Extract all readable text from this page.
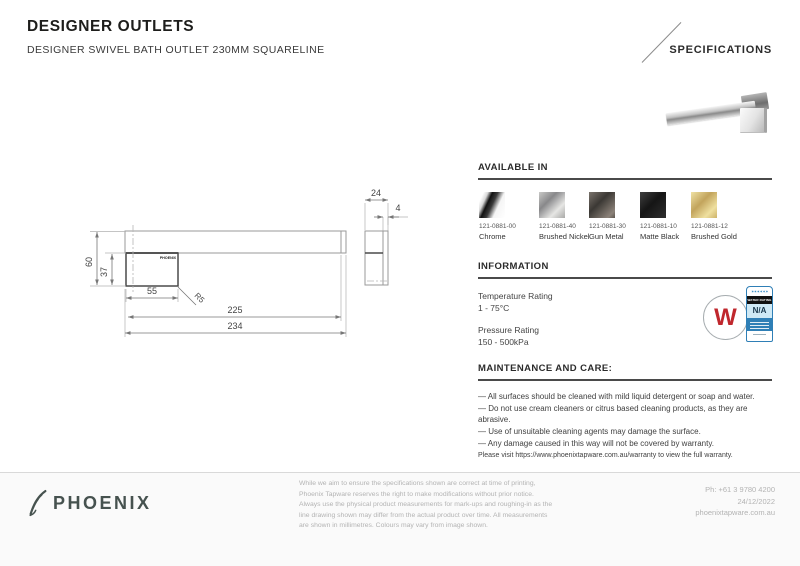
DESIGNER OUTLETS
DESIGNER SWIVEL BATH OUTLET 230MM SQUARELINE	SPECIFICATIONS
PHOENIX
60
37
55
R5
225
234
24
4
AVAILABLE IN
121-0881-00
Chrome
121-0881-40
Brushed Nickel
121-0881-30
Gun Metal
121-0881-10
Matte Black
121-0881-12
Brushed Gold
INFORMATION
Temperature Rating
1 - 75°C
Pressure Rating
150 - 500kPa
W
✶✶✶✶✶✶
WATER RATING
N/A
MAINTENANCE AND CARE:
— All surfaces should be cleaned with mild liquid detergent or soap and water.
— Do not use cream cleaners or citrus based cleaning products, as they are abrasive.
— Use of unsuitable cleaning agents may damage the surface.
— Any damage caused in this way will not be covered by warranty.
Please visit https://www.phoenixtapware.com.au/warranty to view the full warranty.
PHOENIX
While we aim to ensure the specifications shown are correct at time of printing,
Phoenix Tapware reserves the right to make modifications without prior notice.
Always use the physical product measurements for mark-ups and roughing-in as the
line drawing shown may differ from the actual product over time. All measurements
are shown in millimetres. Colours may vary from image shown.
Ph: +61 3 9780 4200
24/12/2022
phoenixtapware.com.au
